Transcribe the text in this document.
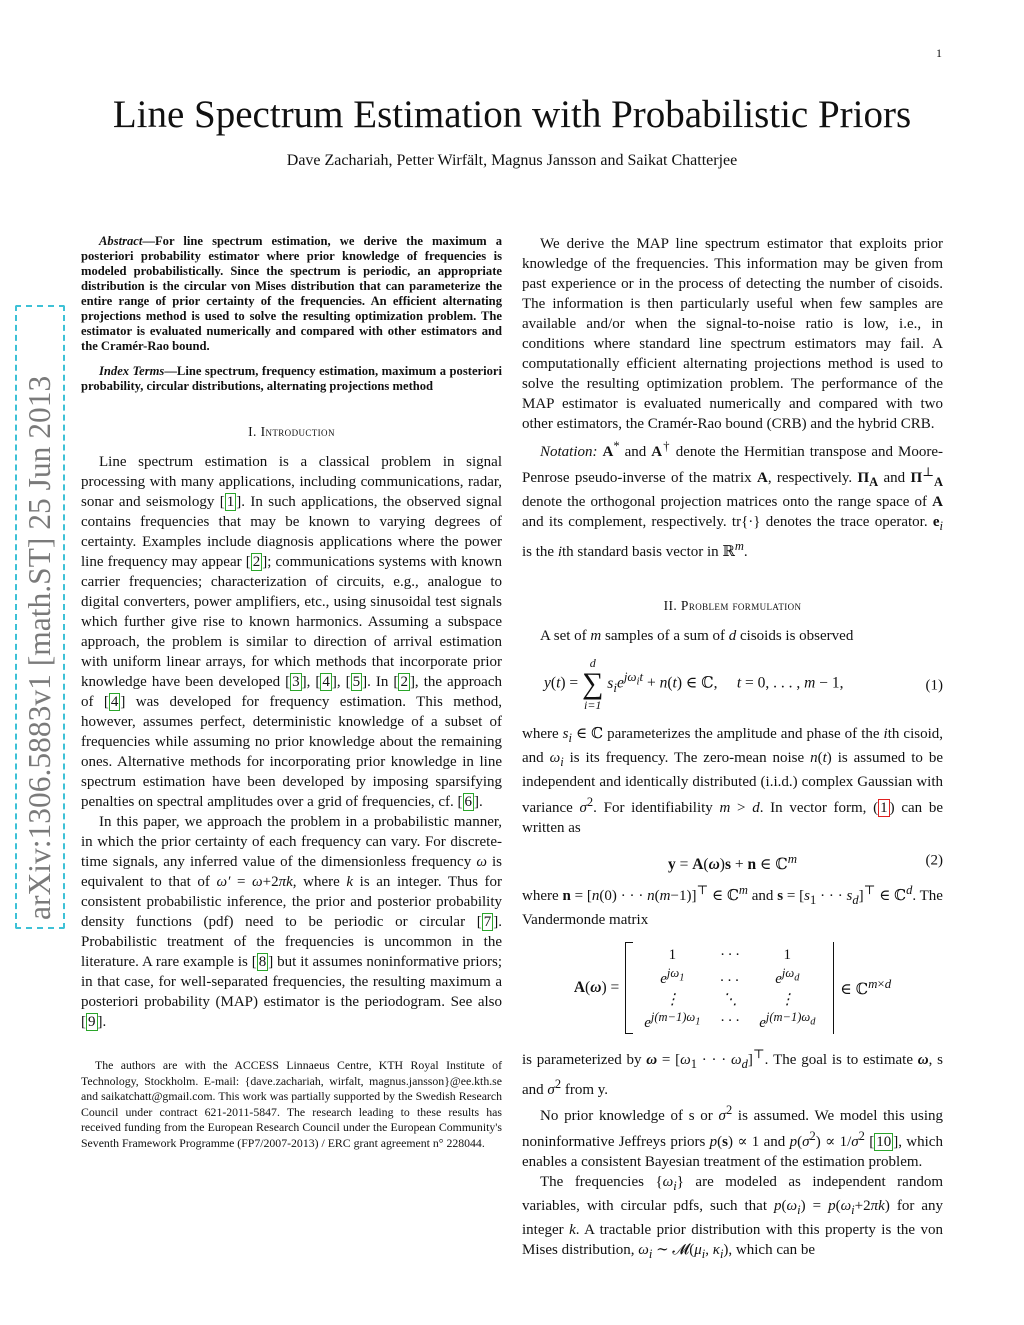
1
Line Spectrum Estimation with Probabilistic Priors
Dave Zachariah, Petter Wirfält, Magnus Jansson and Saikat Chatterjee
arXiv:1306.5883v1 [math.ST] 25 Jun 2013

Abstract—For line spectrum estimation, we derive the maximum a posteriori probability estimator where prior knowledge of frequencies is modeled probabilistically. Since the spectrum is periodic, an appropriate distribution is the circular von Mises distribution that can parameterize the entire range of prior certainty of the frequencies. An efficient alternating projections method is used to solve the resulting optimization problem. The estimator is evaluated numerically and compared with other estimators and the Cramér-Rao bound.

Index Terms—Line spectrum, frequency estimation, maximum a posteriori probability, circular distributions, alternating projections method

I. Introduction

Line spectrum estimation is a classical problem in signal processing with many applications, including communications, radar, sonar and seismology [ 1 ]. In such applications, the observed signal contains frequencies that may be known to varying degrees of certainty. Examples include diagnosis applications where the power line frequency may appear [ 2 ]; communications systems with known carrier frequencies; characterization of circuits, e.g., analogue to digital converters, power amplifiers, etc., using sinusoidal test signals which further give rise to known harmonics. Assuming a subspace approach, the problem is similar to direction of arrival estimation with uniform linear arrays, for which methods that incorporate prior knowledge have been developed [ 3 ], [ 4 ], [ 5 ]. In [ 2 ], the approach of [ 4 ] was developed for frequency estimation. This method, however, assumes perfect, deterministic knowledge of a subset of frequencies while assuming no prior knowledge about the remaining ones. Alternative methods for incorporating prior knowledge in line spectrum estimation have been developed by imposing sparsifying penalties on spectral amplitudes over a grid of frequencies, cf. [ 6 ].

In this paper, we approach the problem in a probabilistic manner, in which the prior certainty of each frequency can vary. For discrete-time signals, any inferred value of the dimensionless frequency ω is equivalent to that of ω′ = ω+2πk, where k is an integer. Thus for consistent probabilistic inference, the prior and posterior probability density functions (pdf) need to be periodic or circular [ 7 ]. Probabilistic treatment of the frequencies is uncommon in the literature. A rare example is [ 8 ] but it assumes noninformative priors; in that case, for well-separated frequencies, the resulting maximum a posteriori probability (MAP) estimator is the periodogram. See also [ 9 ].

The authors are with the ACCESS Linnaeus Centre, KTH Royal Institute of Technology, Stockholm. E-mail: {dave.zachariah, wirfalt, magnus.jansson}@ee.kth.se and saikatchatt@gmail.com. This work was partially supported by the Swedish Research Council under contract 621-2011-5847. The research leading to these results has received funding from the European Research Council under the European Community's Seventh Framework Programme (FP7/2007-2013) / ERC grant agreement n° 228044.

We derive the MAP line spectrum estimator that exploits prior knowledge of the frequencies. This information may be given from past experience or in the process of detecting the number of cisoids. The information is then particularly useful when few samples are available and/or when the signal-to-noise ratio is low, i.e., in conditions where standard line spectrum estimators may fail. A computationally efficient alternating projections method is used to solve the resulting optimization problem. The performance of the MAP estimator is evaluated numerically and compared with two other estimators, the Cramér-Rao bound (CRB) and the hybrid CRB.

Notation: A* and A† denote the Hermitian transpose and Moore-Penrose pseudo-inverse of the matrix A, respectively. $\Pi_A$ and $\Pi^\perp_A$ denote the orthogonal projection matrices onto the range space of A and its complement, respectively. tr{·} denotes the trace operator. $e_i$ is the ith standard basis vector in ℝ$^m$.

II. Problem formulation

A set of m samples of a sum of d cisoids is observed

y(t) = d
∑
i=1 $s_ie^{j\omega_it} + n(t)$ ∈ ℂ,     t = 0, . . . , m − 1,	(1)

where $s_i$ ∈ ℂ parameterizes the amplitude and phase of the ith cisoid, and $\omega_i$ is its frequency. The zero-mean noise n(t) is assumed to be independent and identically distributed (i.i.d.) complex Gaussian with variance $\sigma^2$. For identifiability m > d. In vector form, ( 1 ) can be written as

y = A(ω)s + n ∈ ℂ$^m$	(2)

where n = [n(0) · · · n(m−1)]⊤ ∈ ℂ$^m$ and $s = [s_1$ · · · $s_d]^⊤$ ∈ ℂ$^d$. The Vandermonde matrix

A(ω) =
1	· · ·	1
$e^{j\omega_1}$	. . .	$e^{j\omega_d}$
⋮	⋱	⋮
$e^{j(m-1)\omega_1}$	· · ·	$e^{j(m-1)\omega_d}$
∈ ℂ$^{m\times d}$

is parameterized by $\omega = [\omega_1$ · · · $\omega_d]^⊤$. The goal is to estimate ω, s and $\sigma^2$ from y.

No prior knowledge of s or $\sigma^2$ is assumed. We model this using noninformative Jeffreys priors p(s) ∝ 1 and $p(\sigma^2) \propto 1/\sigma^2$ [ 10 ], which enables a consistent Bayesian treatment of the estimation problem.

The frequencies $\{\omega_i\}$ are modeled as independent random variables, with circular pdfs, such that $p(\omega_i) = p(\omega_i+2\pi k)$ for any integer k. A tractable prior distribution with this property is the von Mises distribution, $\omega_i$ ∼ $𝓜(\mu_i$, $\kappa_i$), which can be
